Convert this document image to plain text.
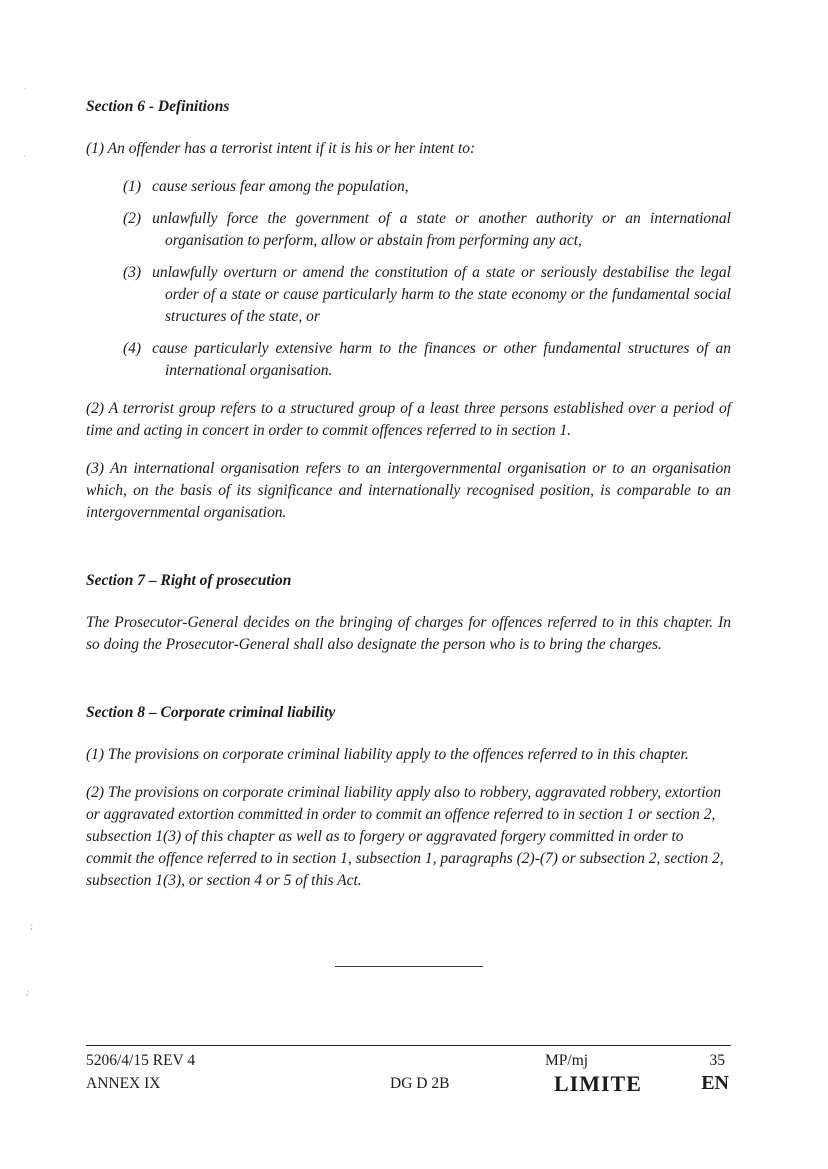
·
·
;
;
Section 6 - Definitions

(1) An offender has a terrorist intent if it is his or her intent to:

(1) cause serious fear among the population,

(2) unlawfully force the government of a state or another authority or an international organisation to perform, allow or abstain from performing any act,

(3) unlawfully overturn or amend the constitution of a state or seriously destabilise the legal order of a state or cause particularly harm to the state economy or the fundamental social structures of the state, or

(4) cause particularly extensive harm to the finances or other fundamental structures of an international organisation.

(2) A terrorist group refers to a structured group of a least three persons established over a period of time and acting in concert in order to commit offences referred to in section 1.

(3) An international organisation refers to an intergovernmental organisation or to an organisation which, on the basis of its significance and internationally recognised position, is comparable to an intergovernmental organisation.

Section 7 – Right of prosecution

The Prosecutor-General decides on the bringing of charges for offences referred to in this chapter. In so doing the Prosecutor-General shall also designate the person who is to bring the charges.

Section 8 – Corporate criminal liability

(1) The provisions on corporate criminal liability apply to the offences referred to in this chapter.

(2) The provisions on corporate criminal liability apply also to robbery, aggravated robbery, extortion or aggravated extortion committed in order to commit an offence referred to in section 1 or section 2, subsection 1(3) of this chapter as well as to forgery or aggravated forgery committed in order to commit the offence referred to in section 1, subsection 1, paragraphs (2)-(7) or subsection 2, section 2, subsection 1(3), or section 4 or 5 of this Act.

5206/4/15 REV 4	MP/mj	35
ANNEX IX	DG D 2B	LIMITE	EN
